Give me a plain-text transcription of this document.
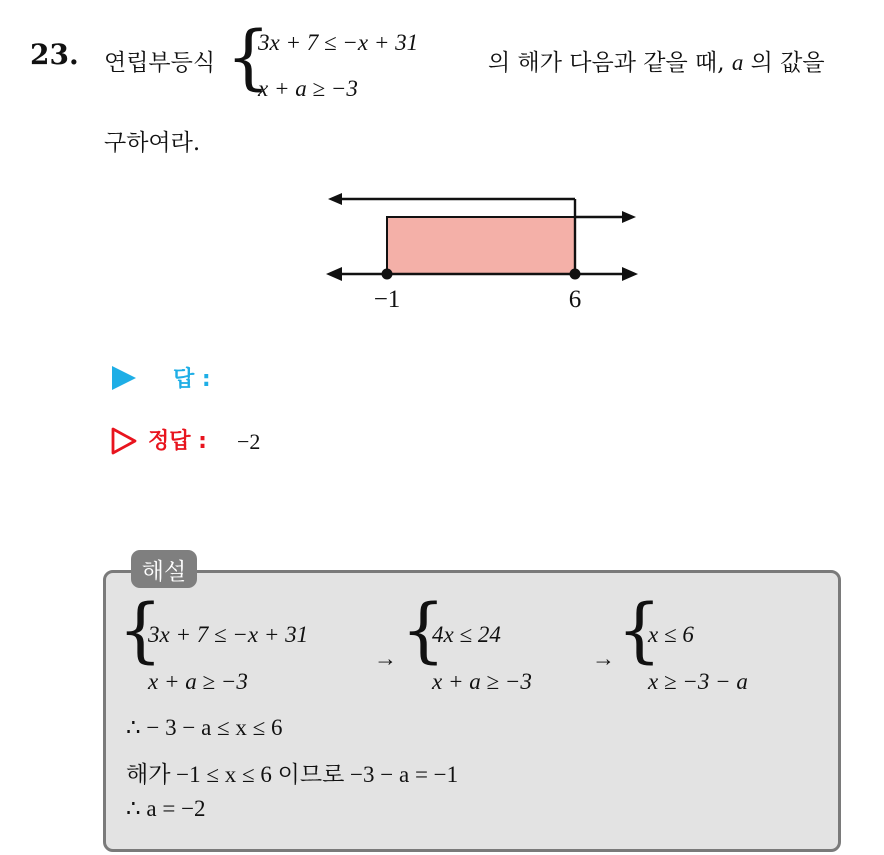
23. 연립부등식 {
3x + 7 ≤ −x + 31
x + a ≥ −3
의 해가 다음과 같을 때, a 의 값을
구하여라.
−1	6
답 :
정답 : −2
해설
{
3x + 7 ≤ −x + 31
x + a ≥ −3
→ {
4x ≤ 24
x + a ≥ −3
→ {
x ≤ 6
x ≥ −3 − a
∴ − 3 − a ≤ x ≤ 6
해가 −1 ≤ x ≤ 6 이므로 −3 − a = −1
∴ a = −2
